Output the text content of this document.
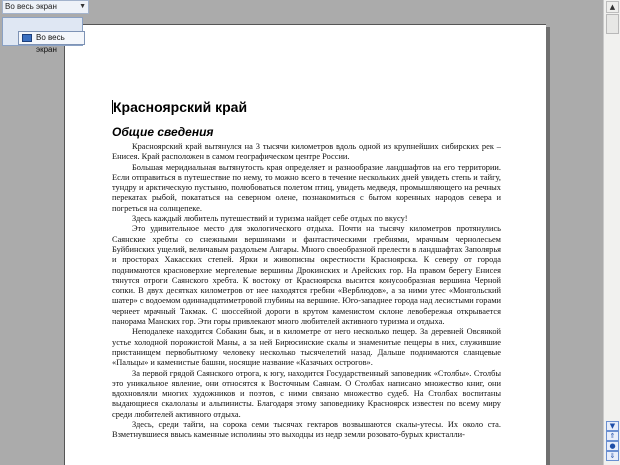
Красноярский край
Общие сведения

Красноярский край вытянулся на 3 тысячи километров вдоль одной из крупнейших сибирских рек – Енисея. Край расположен в самом географическом центре России.

Большая меридиальная вытянутость края определяет и разнообразие ландшафтов на его территории. Если отправиться в путешествие по нему, то можно всего в течение нескольких дней увидеть степь и тайгу, тундру и арктическую пустыню, полюбоваться полетом птиц, увидеть медведя, промышляющего на речных перекатах рыбой, покататься на северном олене, познакомиться с бытом коренных народов севера и погреться на солнцепеке.

Здесь каждый любитель путешествий и туризма найдет себе отдых по вкусу!

Это удивительное место для экологического отдыха. Почти на тысячу километров протянулись Саянские хребты со снежными вершинами и фантастическими гребнями, мрачным чернолесьем Буйбинских ущелий, величавым раздольем Ангары. Много своеобразной прелести в ландшафтах Заполярья и просторах Хакасских степей. Ярки и живописны окрестности Красноярска. К северу от города поднимаются красноверхие мергелевые вершины Дрокинских и Арейских гор. На правом берегу Енисея тянутся отроги Саянского хребта. К востоку от Красноярска высится конусообразная вершина Черной сопки. В двух десятках километров от нее находятся гребни «Верблюдов», а за ними утес «Монгольский шатер» с водоемом одиннадцатиметровой глубины на вершине. Юго-западнее города над лесистыми горами чернеет мрачный Такмак. С шоссейной дороги в крутом каменистом склоне левобережья открывается панорама Манских гор. Эти горы привлекают много любителей активного туризма и отдыха.

Неподалеке находится Собакин бык, и в километре от него несколько пещер. За деревней Овсянкой устье холодной порожистой Маны, а за ней Бирюсинские скалы и знаменитые пещеры в них, служившие пристанищем первобытному человеку несколько тысячелетий назад. Дальше поднимаются сланцевые «Пальцы» и каменистые башни, носящие название «Казачьих острогов».

За первой грядой Саянского отрога, к югу, находится Государственный заповедник «Столбы». Столбы это уникальное явление, они относятся к Восточным Саянам. О Столбах написано множество книг, они вдохновляли многих художников и поэтов, с ними связано множество судеб. На Столбах воспитаны выдающиеся скалолазы и альпинисты. Благодаря этому заповеднику Красноярск известен по всему миру среди любителей активного отдыха.

Здесь, среди тайги, на сорока семи тысячах гектаров возвышаются скалы-утесы. Их около ста. Взметнувшиеся ввысь каменные исполины это выходцы из недр земли розовато-бурых кристалли-

Во весь экран	▼
Во весь экран
▲
▼
⇑
●
⇓
